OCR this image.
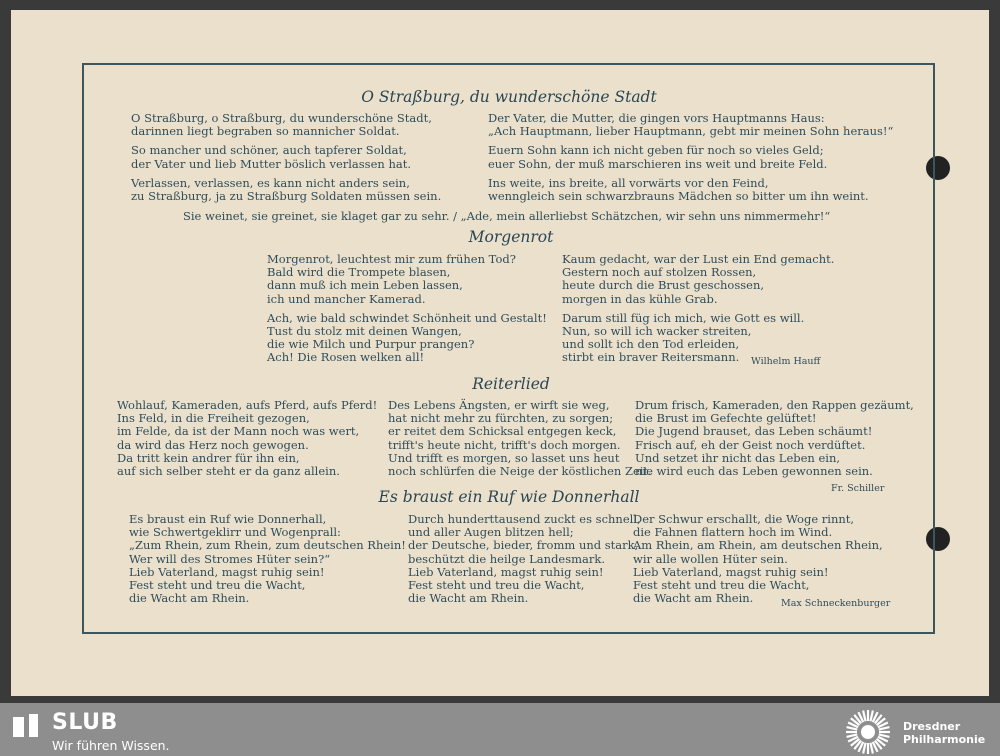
O Straßburg, du wunderschöne Stadt
O Straßburg, o Straßburg, du wunderschöne Stadt,
darinnen liegt begraben so mannicher Soldat.
So mancher und schöner, auch tapferer Soldat,
der Vater und lieb Mutter böslich verlassen hat.
Verlassen, verlassen, es kann nicht anders sein,
zu Straßburg, ja zu Straßburg Soldaten müssen sein.
Der Vater, die Mutter, die gingen vors Hauptmanns Haus:
„Ach Hauptmann, lieber Hauptmann, gebt mir meinen Sohn heraus!“
Euern Sohn kann ich nicht geben für noch so vieles Geld;
euer Sohn, der muß marschieren ins weit und breite Feld.
Ins weite, ins breite, all vorwärts vor den Feind,
wenngleich sein schwarzbrauns Mädchen so bitter um ihn weint.
Sie weinet, sie greinet, sie klaget gar zu sehr. / „Ade, mein allerliebst Schätzchen, wir sehn uns nimmermehr!“
Morgenrot
Morgenrot, leuchtest mir zum frühen Tod?
Bald wird die Trompete blasen,
dann muß ich mein Leben lassen,
ich und mancher Kamerad.
Ach, wie bald schwindet Schönheit und Gestalt!
Tust du stolz mit deinen Wangen,
die wie Milch und Purpur prangen?
Ach! Die Rosen welken all!
Kaum gedacht, war der Lust ein End gemacht.
Gestern noch auf stolzen Rossen,
heute durch die Brust geschossen,
morgen in das kühle Grab.
Darum still füg ich mich, wie Gott es will.
Nun, so will ich wacker streiten,
und sollt ich den Tod erleiden,
stirbt ein braver Reitersmann.	Wilhelm Hauff
Reiterlied
Wohlauf, Kameraden, aufs Pferd, aufs Pferd!
Ins Feld, in die Freiheit gezogen,
im Felde, da ist der Mann noch was wert,
da wird das Herz noch gewogen.
Da tritt kein andrer für ihn ein,
auf sich selber steht er da ganz allein.
Des Lebens Ängsten, er wirft sie weg,
hat nicht mehr zu fürchten, zu sorgen;
er reitet dem Schicksal entgegen keck,
trifft's heute nicht, trifft's doch morgen.
Und trifft es morgen, so lasset uns heut
noch schlürfen die Neige der köstlichen Zeit.
Drum frisch, Kameraden, den Rappen gezäumt,
die Brust im Gefechte gelüftet!
Die Jugend brauset, das Leben schäumt!
Frisch auf, eh der Geist noch verdüftet.
Und setzet ihr nicht das Leben ein,
nie wird euch das Leben gewonnen sein.
Fr. Schiller
Es braust ein Ruf wie Donnerhall
Es braust ein Ruf wie Donnerhall,
wie Schwertgeklirr und Wogenprall:
„Zum Rhein, zum Rhein, zum deutschen Rhein!
Wer will des Stromes Hüter sein?“
Lieb Vaterland, magst ruhig sein!
Fest steht und treu die Wacht,
die Wacht am Rhein.
Durch hunderttausend zuckt es schnell,
und aller Augen blitzen hell;
der Deutsche, bieder, fromm und stark,
beschützt die heilge Landesmark.
Lieb Vaterland, magst ruhig sein!
Fest steht und treu die Wacht,
die Wacht am Rhein.
Der Schwur erschallt, die Woge rinnt,
die Fahnen flattern hoch im Wind.
Am Rhein, am Rhein, am deutschen Rhein,
wir alle wollen Hüter sein.
Lieb Vaterland, magst ruhig sein!
Fest steht und treu die Wacht,
die Wacht am Rhein.	Max Schneckenburger
SLUB
Wir führen Wissen.
Dresdner
Philharmonie
